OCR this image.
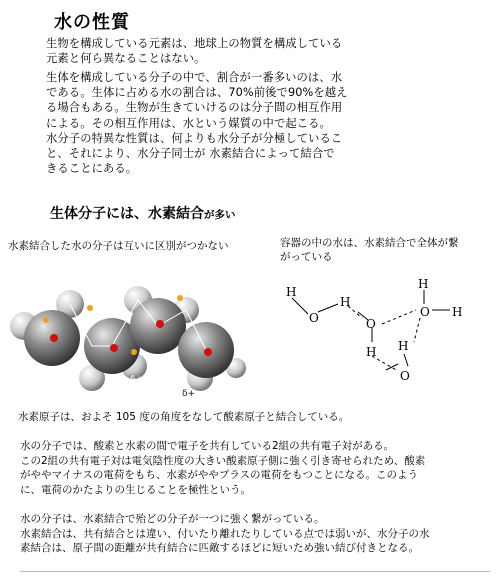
水の性質
生物を構成している元素は、地球上の物質を構成している
元素と何ら異なることはない。
生体を構成している分子の中で、割合が一番多いのは、水
である。生体に占める水の割合は、70%前後で90%を越え
る場合もある。生物が生きていけるのは分子間の相互作用
による。その相互作用は、水という媒質の中で起こる。
水分子の特異な性質は、何よりも水分子が分極しているこ
と、それにより、水分子同士が 水素結合によって結合で
きることにある。
生体分子には、水素結合が多い
水素結合した水の分子は互いに区別がつかない	容器の中の水は、水素結合で全体が繋
がっている
δ+
δ+
δ+
δ+
H
O
H
O
H
H
O H
H
O
水素原子は、およそ 105 度の角度をなして酸素原子と結合している。
水の分子では、酸素と水素の間で電子を共有している2組の共有電子対がある。
この2組の共有電子対は電気陰性度の大きい酸素原子側に強く引き寄せられため、酸素
がややマイナスの電荷をもち、水素がややプラスの電荷をもつことになる。このよう
に、電荷のかたよりの生じることを極性という。
水の分子は、水素結合で殆どの分子が一つに強く繋がっている。
水素結合は、共有結合とは違い、付いたり離れたりしている点では弱いが、水分子の水
素結合は、原子間の距離が共有結合に匹敵するほどに短いため強い結び付きとなる。
